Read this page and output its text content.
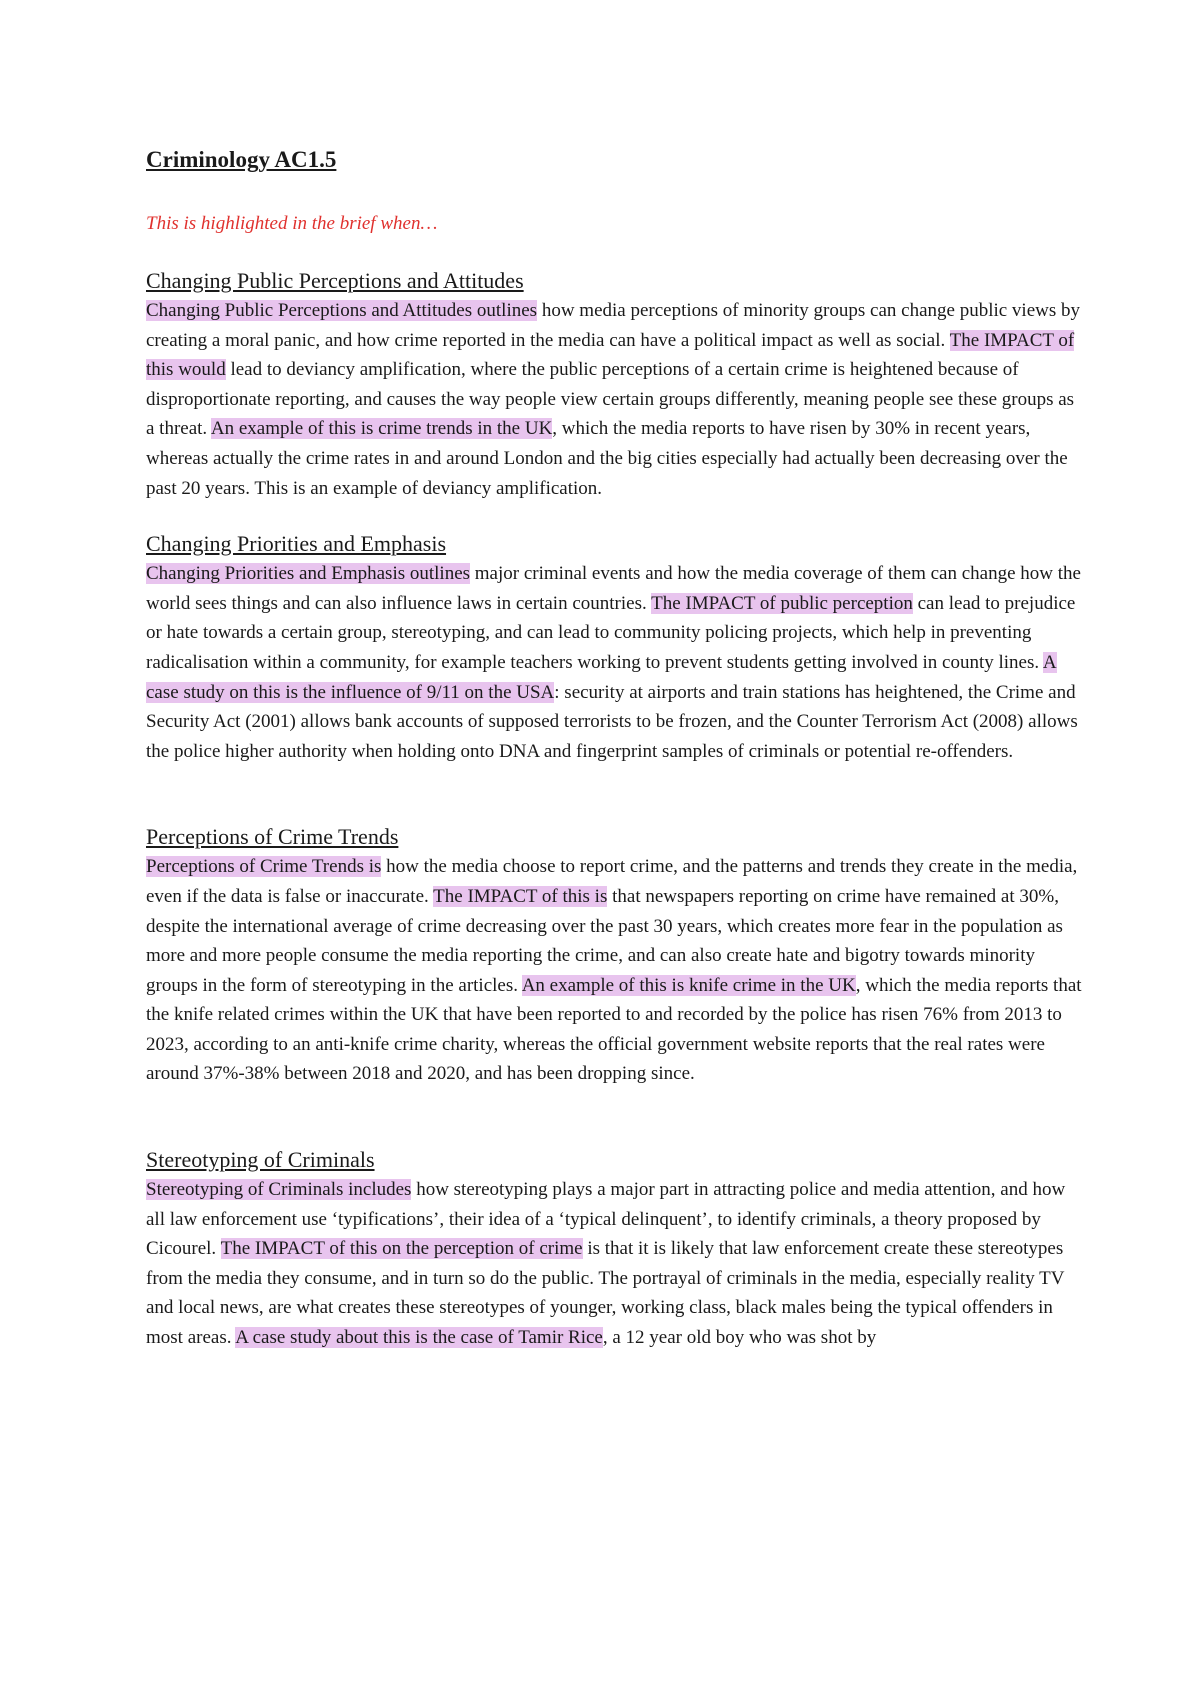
Criminology AC1.5
This is highlighted in the brief when…
Changing Public Perceptions and Attitudes

Changing Public Perceptions and Attitudes outlines how media perceptions of minority groups can change public views by creating a moral panic, and how crime reported in the media can have a political impact as well as social. The IMPACT of this would lead to deviancy amplification, where the public perceptions of a certain crime is heightened because of disproportionate reporting, and causes the way people view certain groups differently, meaning people see these groups as a threat. An example of this is crime trends in the UK, which the media reports to have risen by 30% in recent years, whereas actually the crime rates in and around London and the big cities especially had actually been decreasing over the past 20 years. This is an example of deviancy amplification.

Changing Priorities and Emphasis

Changing Priorities and Emphasis outlines major criminal events and how the media coverage of them can change how the world sees things and can also influence laws in certain countries. The IMPACT of public perception can lead to prejudice or hate towards a certain group, stereotyping, and can lead to community policing projects, which help in preventing radicalisation within a community, for example teachers working to prevent students getting involved in county lines. A case study on this is the influence of 9/11 on the USA: security at airports and train stations has heightened, the Crime and Security Act (2001) allows bank accounts of supposed terrorists to be frozen, and the Counter Terrorism Act (2008) allows the police higher authority when holding onto DNA and fingerprint samples of criminals or potential re-offenders.

Perceptions of Crime Trends

Perceptions of Crime Trends is how the media choose to report crime, and the patterns and trends they create in the media, even if the data is false or inaccurate. The IMPACT of this is that newspapers reporting on crime have remained at 30%, despite the international average of crime decreasing over the past 30 years, which creates more fear in the population as more and more people consume the media reporting the crime, and can also create hate and bigotry towards minority groups in the form of stereotyping in the articles. An example of this is knife crime in the UK, which the media reports that the knife related crimes within the UK that have been reported to and recorded by the police has risen 76% from 2013 to 2023, according to an anti-knife crime charity, whereas the official government website reports that the real rates were around 37%-38% between 2018 and 2020, and has been dropping since.

Stereotyping of Criminals

Stereotyping of Criminals includes how stereotyping plays a major part in attracting police and media attention, and how all law enforcement use ‘typifications’, their idea of a ‘typical delinquent’, to identify criminals, a theory proposed by Cicourel. The IMPACT of this on the perception of crime is that it is likely that law enforcement create these stereotypes from the media they consume, and in turn so do the public. The portrayal of criminals in the media, especially reality TV and local news, are what creates these stereotypes of younger, working class, black males being the typical offenders in most areas. A case study about this is the case of Tamir Rice, a 12 year old boy who was shot by
